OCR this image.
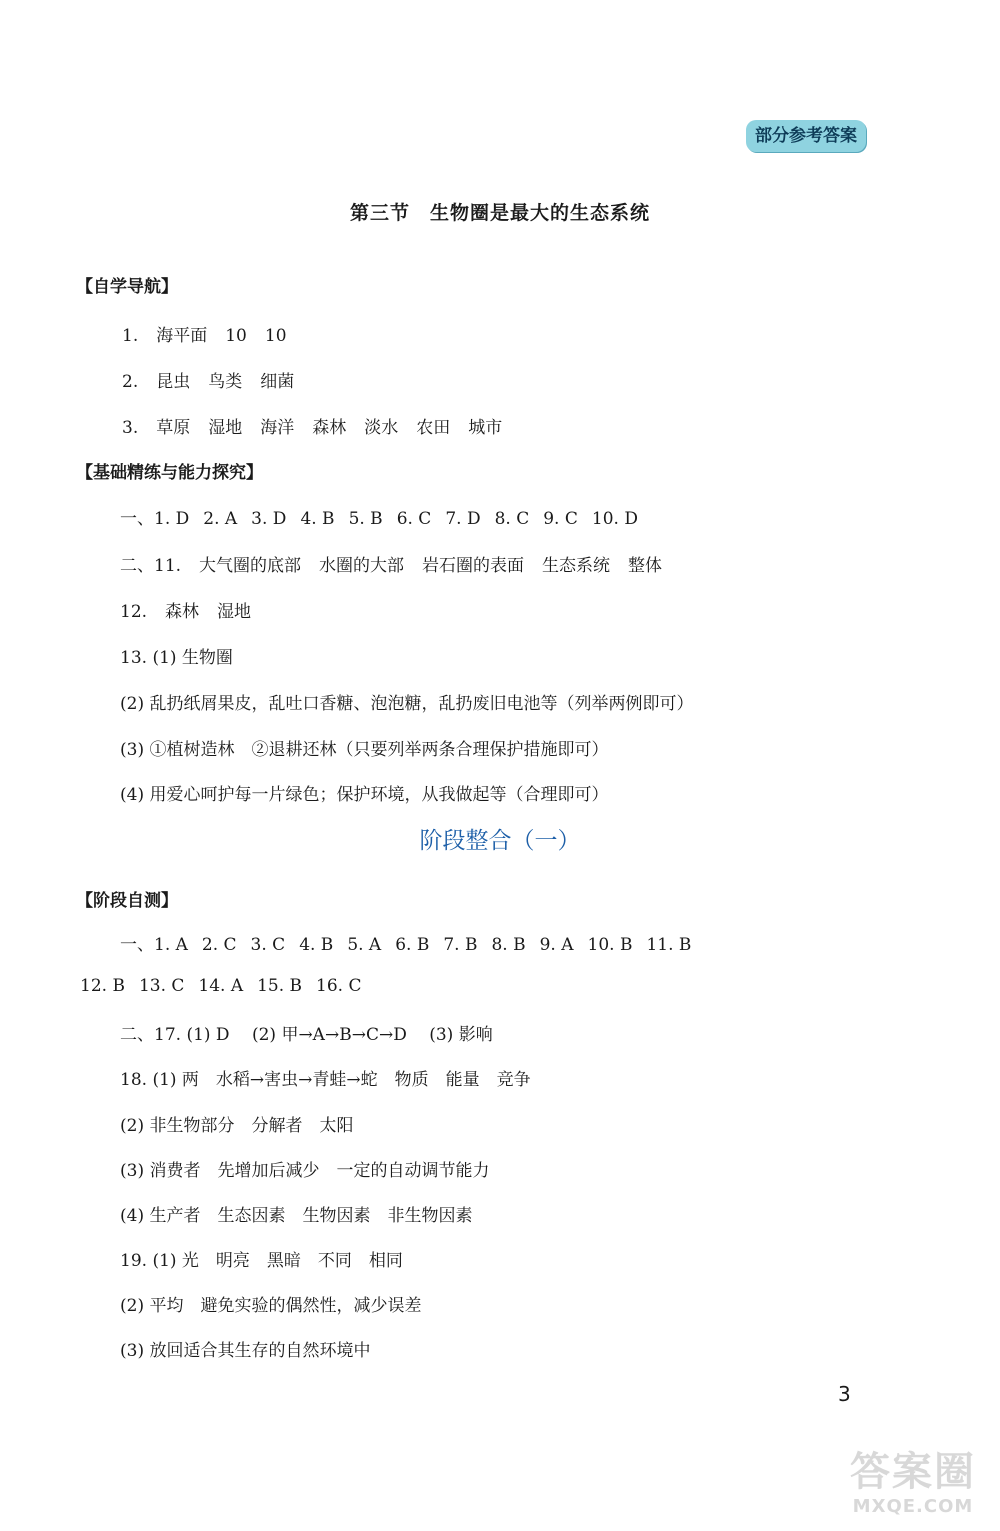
部分参考答案
第三节 生物圈是最大的生态系统
【自学导航】
1. 海平面 10 10
2. 昆虫 鸟类 细菌
3. 草原 湿地 海洋 森林 淡水 农田 城市
【基础精练与能力探究】
一、1. D 2. A 3. D 4. B 5. B 6. C 7. D 8. C 9. C 10. D
二、11. 大气圈的底部 水圈的大部 岩石圈的表面 生态系统 整体
12. 森林 湿地
13. (1) 生物圈
(2) 乱扔纸屑果皮，乱吐口香糖、泡泡糖，乱扔废旧电池等（列举两例即可）
(3) ①植树造林　②退耕还林（只要列举两条合理保护措施即可）
(4) 用爱心呵护每一片绿色；保护环境，从我做起等（合理即可）
阶段整合（一）
【阶段自测】
一、1. A 2. C 3. C 4. B 5. A 6. B 7. B 8. B 9. A 10. B 11. B
12. B 13. C 14. A 15. B 16. C
二、17. (1) D　 (2) 甲→A→B→C→D　 (3) 影响
18. (1) 两　水稻→害虫→青蛙→蛇　物质　能量　竞争
(2) 非生物部分　分解者　太阳
(3) 消费者　先增加后减少　一定的自动调节能力
(4) 生产者　生态因素　生物因素　非生物因素
19. (1) 光　明亮　黑暗　不同　相同
(2) 平均　避免实验的偶然性，减少误差
(3) 放回适合其生存的自然环境中
3
答案圈
MXQE.COM
